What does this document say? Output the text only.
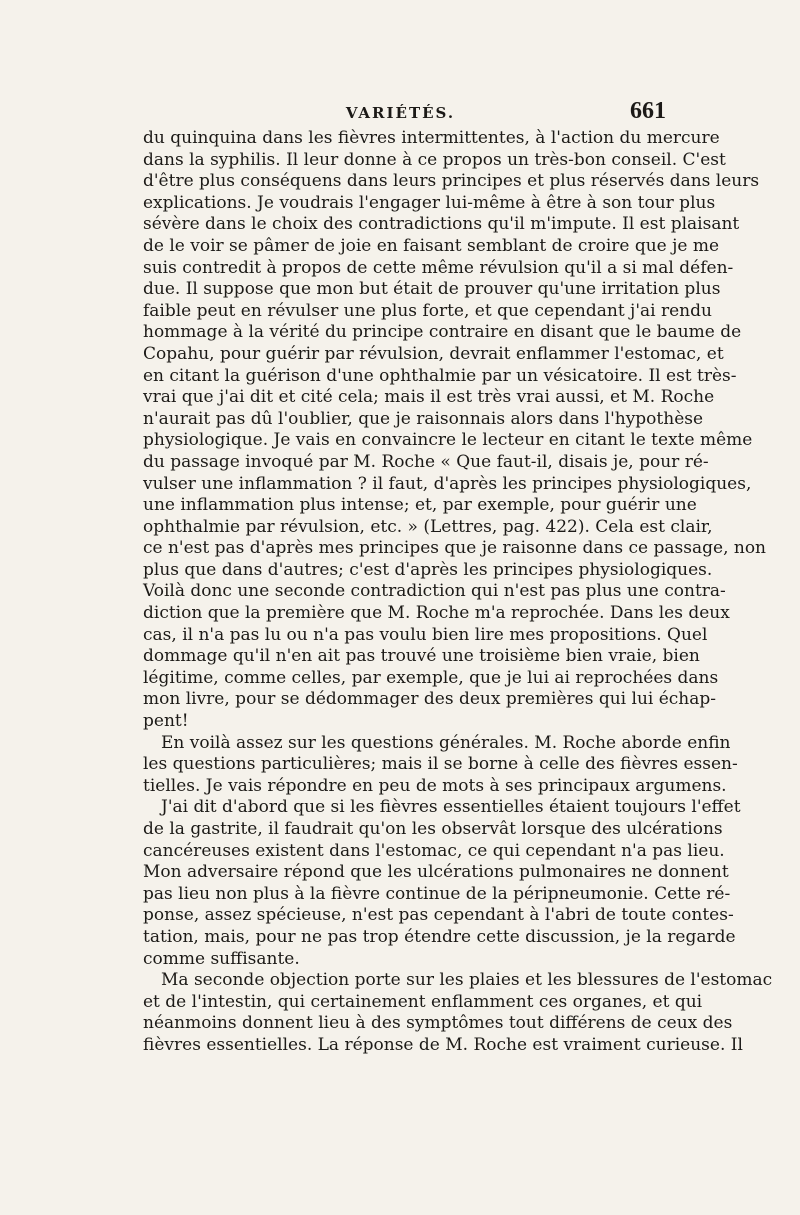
VARIÉTÉS.	661
du quinquina dans les fièvres intermittentes, à l'action du mercure
dans la syphilis. Il leur donne à ce propos un très-bon conseil. C'est
d'être plus conséquens dans leurs principes et plus réservés dans leurs
explications. Je voudrais l'engager lui-même à être à son tour plus
sévère dans le choix des contradictions qu'il m'impute. Il est plaisant
de le voir se pâmer de joie en faisant semblant de croire que je me
suis contredit à propos de cette même révulsion qu'il a si mal défen-
due. Il suppose que mon but était de prouver qu'une irritation plus
faible peut en révulser une plus forte, et que cependant j'ai rendu
hommage à la vérité du principe contraire en disant que le baume de
Copahu, pour guérir par révulsion, devrait enflammer l'estomac, et
en citant la guérison d'une ophthalmie par un vésicatoire. Il est très-
vrai que j'ai dit et cité cela; mais il est très vrai aussi, et M. Roche
n'aurait pas dû l'oublier, que je raisonnais alors dans l'hypothèse
physiologique. Je vais en convaincre le lecteur en citant le texte même
du passage invoqué par M. Roche « Que faut-il, disais je, pour ré-
vulser une inflammation ? il faut, d'après les principes physiologiques,
une inflammation plus intense; et, par exemple, pour guérir une
ophthalmie par révulsion, etc. » (Lettres, pag. 422). Cela est clair,
ce n'est pas d'après mes principes que je raisonne dans ce passage, non
plus que dans d'autres; c'est d'après les principes physiologiques.
Voilà donc une seconde contradiction qui n'est pas plus une contra-
diction que la première que M. Roche m'a reprochée. Dans les deux
cas, il n'a pas lu ou n'a pas voulu bien lire mes propositions. Quel
dommage qu'il n'en ait pas trouvé une troisième bien vraie, bien
légitime, comme celles, par exemple, que je lui ai reprochées dans
mon livre, pour se dédommager des deux premières qui lui échap-
pent!
En voilà assez sur les questions générales. M. Roche aborde enfin
les questions particulières; mais il se borne à celle des fièvres essen-
tielles. Je vais répondre en peu de mots à ses principaux argumens.
J'ai dit d'abord que si les fièvres essentielles étaient toujours l'effet
de la gastrite, il faudrait qu'on les observât lorsque des ulcérations
cancéreuses existent dans l'estomac, ce qui cependant n'a pas lieu.
Mon adversaire répond que les ulcérations pulmonaires ne donnent
pas lieu non plus à la fièvre continue de la péripneumonie. Cette ré-
ponse, assez spécieuse, n'est pas cependant à l'abri de toute contes-
tation, mais, pour ne pas trop étendre cette discussion, je la regarde
comme suffisante.
Ma seconde objection porte sur les plaies et les blessures de l'estomac
et de l'intestin, qui certainement enflamment ces organes, et qui
néanmoins donnent lieu à des symptômes tout différens de ceux des
fièvres essentielles. La réponse de M. Roche est vraiment curieuse. Il
